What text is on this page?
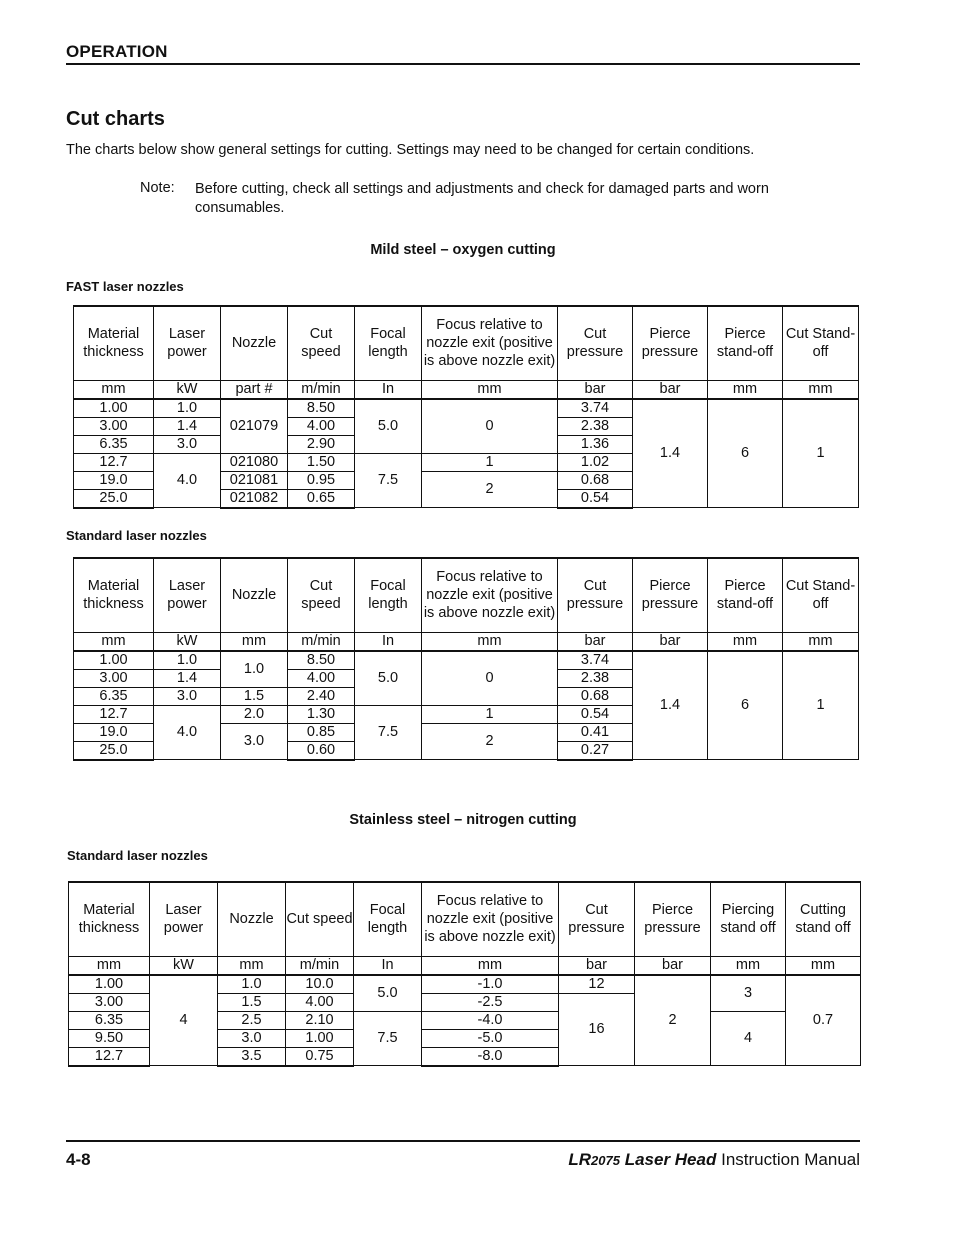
OPERATION
Cut charts
The charts below show general settings for cutting. Settings may need to be changed for certain conditions.
Note: Before cutting, check all settings and adjustments and check for damaged parts and worn consumables.
Mild steel – oxygen cutting
FAST laser nozzles
Material thickness	Laser power	Nozzle	Cut speed	Focal length	Focus relative to nozzle exit (positive is above nozzle exit)	Cut pressure	Pierce pressure	Pierce stand-off	Cut Stand-off
mm	kW	part #	m/min	In	mm	bar	bar	mm	mm
1.00	1.0	021079	8.50	5.0	0	3.74	1.4	6	1
3.00	1.4		4.00			2.38			
6.35	3.0		2.90			1.36			
12.7	4.0	021080	1.50	7.5	1	1.02			
19.0		021081	0.95		2	0.68			
25.0		021082	0.65			0.54			
Standard laser nozzles
Material thickness	Laser power	Nozzle	Cut speed	Focal length	Focus relative to nozzle exit (positive is above nozzle exit)	Cut pressure	Pierce pressure	Pierce stand-off	Cut Stand-off
mm	kW	mm	m/min	In	mm	bar	bar	mm	mm
1.00	1.0	1.0	8.50	5.0	0	3.74	1.4	6	1
3.00	1.4		4.00			2.38			
6.35	3.0	1.5	2.40			0.68			
12.7	4.0	2.0	1.30	7.5	1	0.54			
19.0		3.0	0.85		2	0.41			
25.0			0.60			0.27			
Stainless steel – nitrogen cutting
Standard laser nozzles
Material thickness	Laser power	Nozzle	Cut speed	Focal length	Focus relative to nozzle exit (positive is above nozzle exit)	Cut pressure	Pierce pressure	Piercing stand off	Cutting stand off
mm	kW	mm	m/min	In	mm	bar	bar	mm	mm
1.00	4	1.0	10.0	5.0	-1.0	12	2	3	0.7
3.00		1.5	4.00		-2.5	16			
6.35		2.5	2.10	7.5	-4.0			4	
9.50		3.0	1.00		-5.0				
12.7		3.5	0.75		-8.0				
4-8	LR2075 Laser Head Instruction Manual
